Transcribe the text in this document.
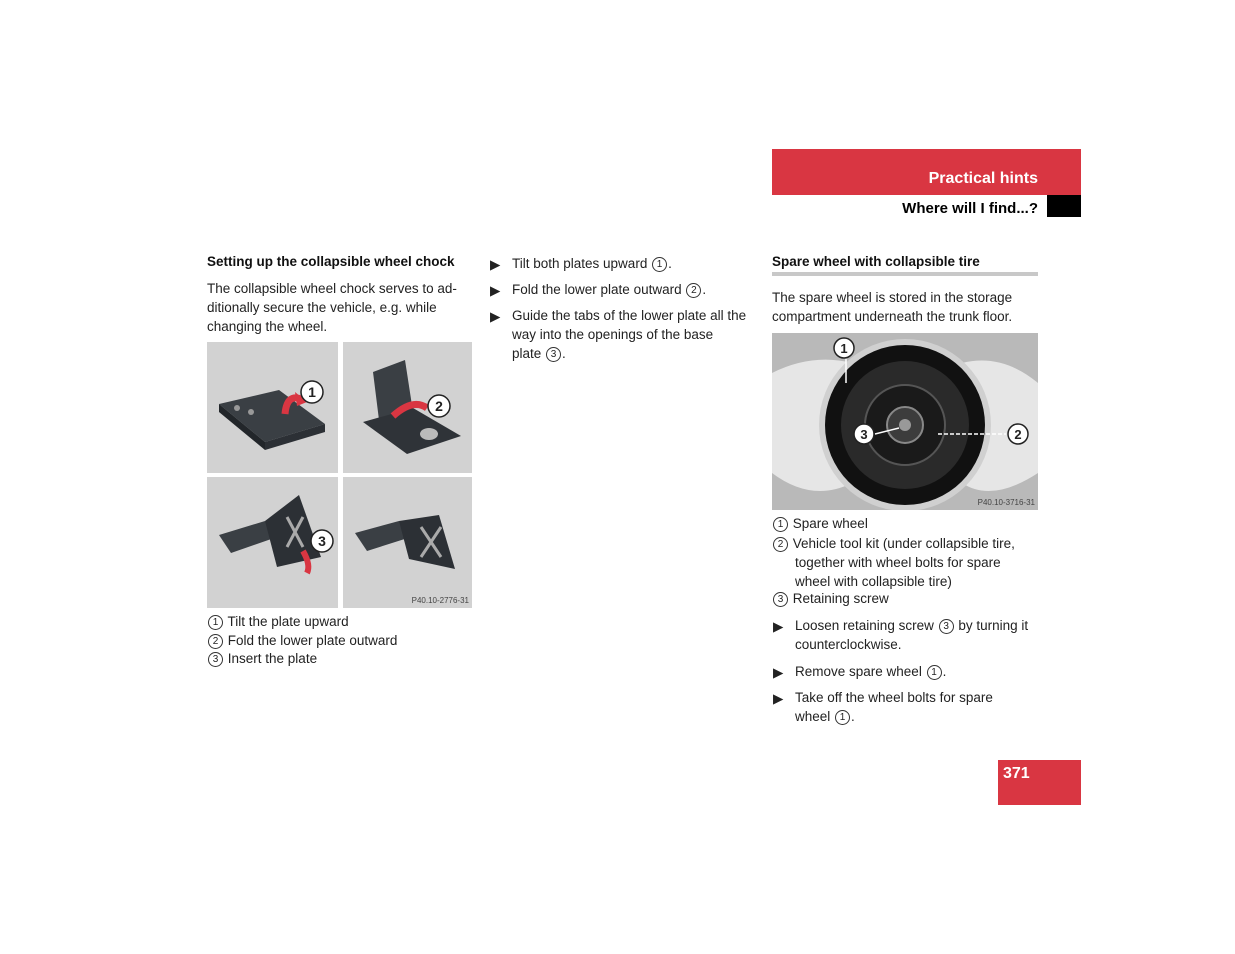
Practical hints
Where will I find...?
Setting up the collapsible wheel chock
The collapsible wheel chock serves to ad-
ditionally secure the vehicle, e.g. while
changing the wheel.
1
2
3
P40.10-2776-31
1 Tilt the plate upward
2 Fold the lower plate outward
3 Insert the plate
▶ Tilt both plates upward 1 .
▶ Fold the lower plate outward 2 .
▶ Guide the tabs of the lower plate all the
way into the openings of the base
plate 3 .
Spare wheel with collapsible tire
The spare wheel is stored in the storage
compartment underneath the trunk floor.
1
3	2
P40.10-3716-31
1 Spare wheel
2 Vehicle tool kit (under collapsible tire,
together with wheel bolts for spare
wheel with collapsible tire)
3 Retaining screw
▶ Loosen retaining screw 3 by turning it
counterclockwise.
▶ Remove spare wheel 1 .
▶ Take off the wheel bolts for spare
wheel 1 .
371
